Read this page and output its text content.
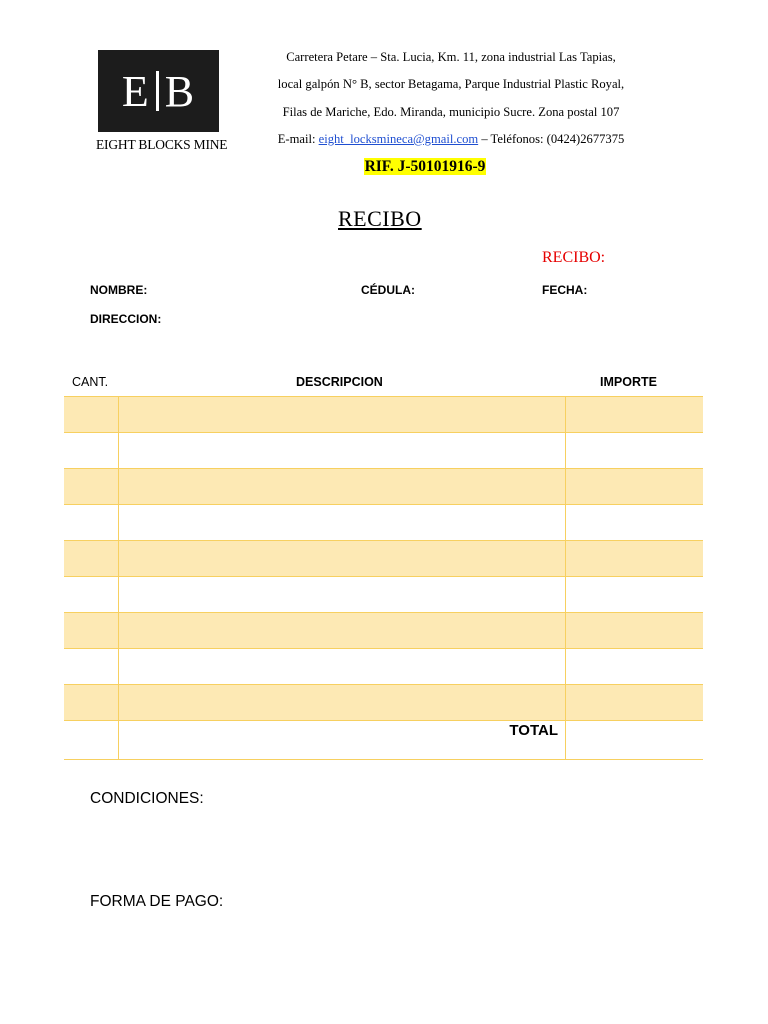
E B
EIGHT BLOCKS MINE
Carretera Petare – Sta. Lucia, Km. 11, zona industrial Las Tapias,
local galpón N° B, sector Betagama, Parque Industrial Plastic Royal,
Filas de Mariche, Edo. Miranda, municipio Sucre. Zona postal 107
E-mail: eight_locksmineca@gmail.com – Teléfonos: (0424)2677375
RIF. J-50101916-9
RECIBO
RECIBO:
NOMBRE:	CÉDULA:	FECHA:
DIRECCION:
CANT.	DESCRIPCION	IMPORTE

	TOTAL	
CONDICIONES:
FORMA DE PAGO:
